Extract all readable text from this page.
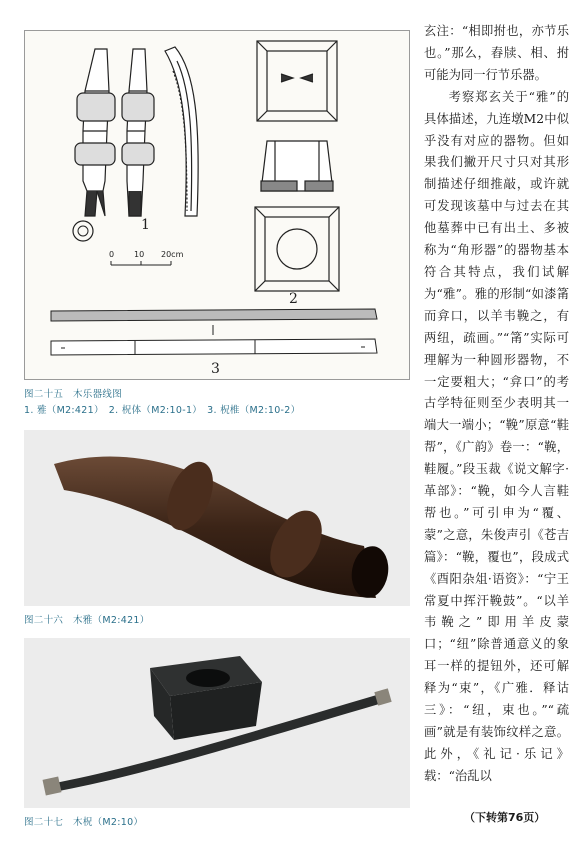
1
0 10 20cm
2
3
图二十五　木乐器线图
1. 雅（M2:421）　2. 柷体（M2:10-1）　3. 柷椎（M2:10-2）
图二十六　木雅（M2:421）
图二十七　木柷（M2:10）

玄注：“相即拊也，亦节乐也。”那么，舂牍、相、拊可能为同一行节乐器。

考察郑玄关于“雅”的具体描述，九连墩M2中似乎没有对应的器物。但如果我们撇开尺寸只对其形制描述仔细推敲，或许就可发现该墓中与过去在其他墓葬中已有出土、多被称为“角形器”的器物基本符合其特点，我们试解为“雅”。雅的形制“如漆筩而弇口，以羊韦鞔之，有两纽，疏画。”“筩”实际可理解为一种圆形器物，不一定要粗大；“弇口”的考古学特征则至少表明其一端大一端小；“鞔”原意“鞋帮”，《广韵》卷一：“鞔，鞋履。”段玉裁《说文解字·革部》：“鞔，如今人言鞋帮也。”可引申为“覆、蒙”之意，朱俊声引《苍吉篇》：“鞔，覆也”，段成式《酉阳杂俎·语资》：“宁王常夏中挥汗鞔鼓”。“以羊韦鞔之”即用羊皮蒙口；“纽”除普通意义的象耳一样的提钮外，还可解释为“束”，《广雅．释诂三》：“纽，束也。”“疏画”就是有装饰纹样之意。此外，《礼记·乐记》载：“治乱以

（下转第76页）
